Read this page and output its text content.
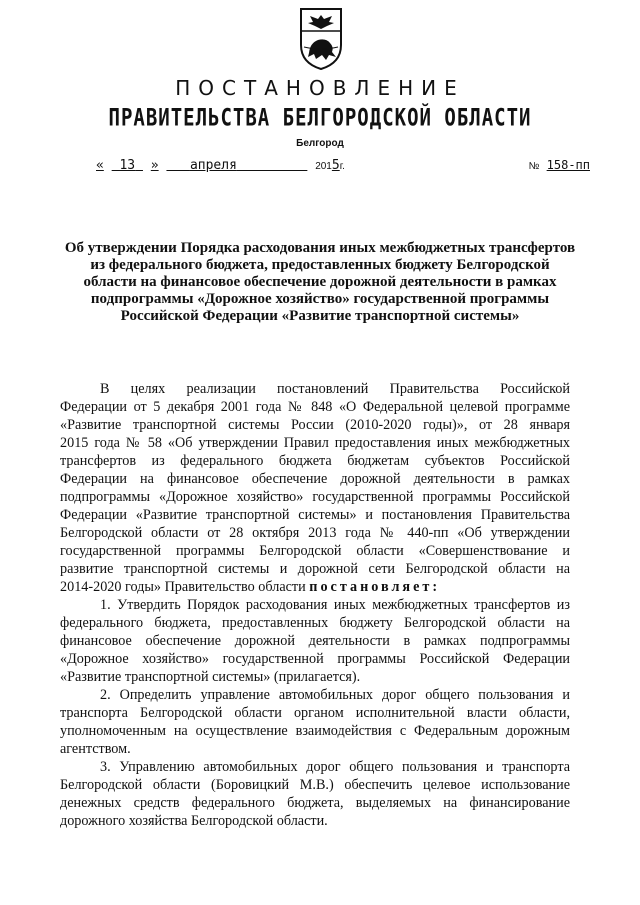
ПОСТАНОВЛЕНИЕ
ПРАВИТЕЛЬСТВА БЕЛГОРОДСКОЙ ОБЛАСТИ
Белгород
« 13 » апреля	2015г.	№ 158-пп
Об утверждении Порядка расходования иных межбюджетных трансфертов
из федерального бюджета, предоставленных бюджету Белгородской
области на финансовое обеспечение дорожной деятельности в рамках
подпрограммы «Дорожное хозяйство» государственной программы
Российской Федерации «Развитие транспортной системы»

В целях реализации постановлений Правительства Российской
Федерации от 5 декабря 2001 года № 848 «О Федеральной целевой программе
«Развитие транспортной системы России (2010-2020 годы)», от 28 января
2015 года № 58 «Об утверждении Правил предоставления иных межбюджетных
трансфертов из федерального бюджета бюджетам субъектов Российской
Федерации на финансовое обеспечение дорожной деятельности в рамках
подпрограммы «Дорожное хозяйство» государственной программы Российской
Федерации «Развитие транспортной системы» и постановления Правительства
Белгородской области от 28 октября 2013 года № 440-пп «Об утверждении
государственной программы Белгородской области «Совершенствование и
развитие транспортной системы и дорожной сети Белгородской области на
2014-2020 годы» Правительство области постановляет:

1. Утвердить Порядок расходования иных межбюджетных трансфертов из
федерального бюджета, предоставленных бюджету Белгородской области на
финансовое обеспечение дорожной деятельности в рамках подпрограммы
«Дорожное хозяйство» государственной программы Российской Федерации
«Развитие транспортной системы» (прилагается).

2. Определить управление автомобильных дорог общего пользования и
транспорта Белгородской области органом исполнительной власти области,
уполномоченным на осуществление взаимодействия с Федеральным дорожным
агентством.

3. Управлению автомобильных дорог общего пользования и транспорта
Белгородской области (Боровицкий М.В.) обеспечить целевое использование
денежных средств федерального бюджета, выделяемых на финансирование
дорожного хозяйства Белгородской области.
